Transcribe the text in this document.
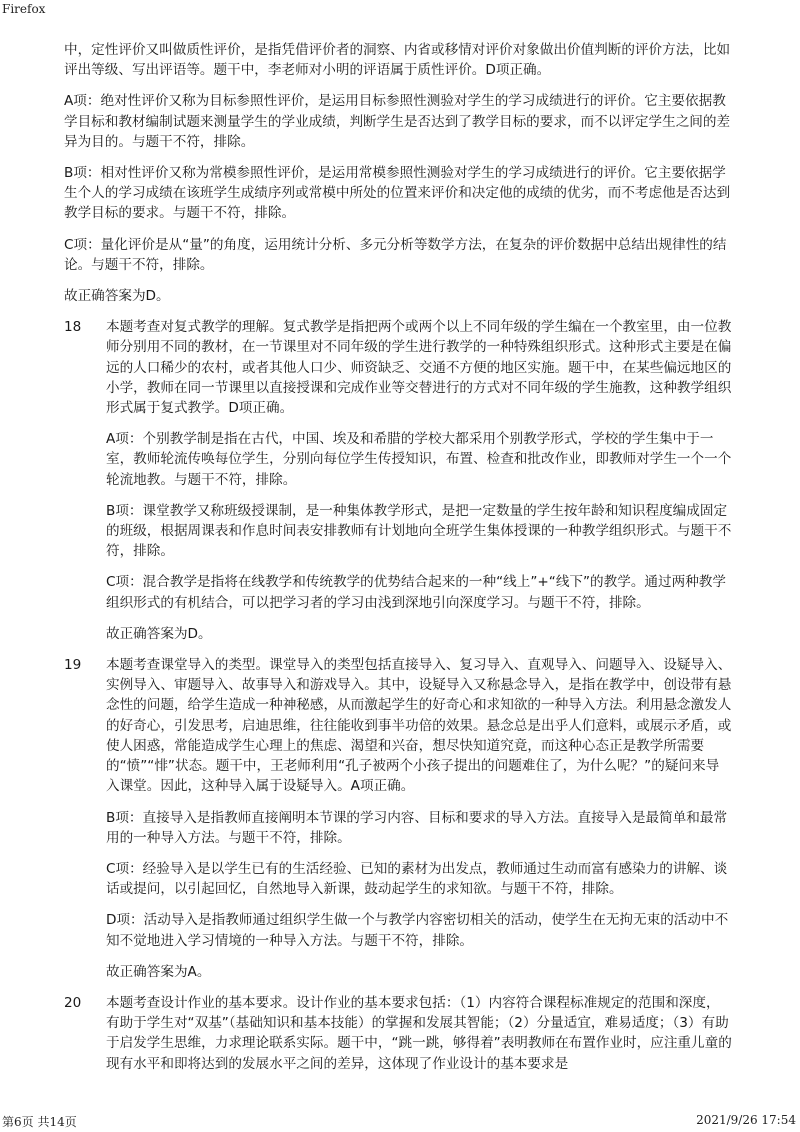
Firefox

中，定性评价又叫做质性评价，是指凭借评价者的洞察、内省或移情对评价对象做出价值判断的评价方法，比如评出等级、写出评语等。题干中，李老师对小明的评语属于质性评价。D项正确。

A项：绝对性评价又称为目标参照性评价，是运用目标参照性测验对学生的学习成绩进行的评价。它主要依据教学目标和教材编制试题来测量学生的学业成绩，判断学生是否达到了教学目标的要求，而不以评定学生之间的差异为目的。与题干不符，排除。

B项：相对性评价又称为常模参照性评价，是运用常模参照性测验对学生的学习成绩进行的评价。它主要依据学生个人的学习成绩在该班学生成绩序列或常模中所处的位置来评价和决定他的成绩的优劣，而不考虑他是否达到教学目标的要求。与题干不符，排除。

C项：量化评价是从“量”的角度，运用统计分析、多元分析等数学方法，在复杂的评价数据中总结出规律性的结论。与题干不符，排除。

故正确答案为D。

18 本题考查对复式教学的理解。复式教学是指把两个或两个以上不同年级的学生编在一个教室里，由一位教师分别用不同的教材，在一节课里对不同年级的学生进行教学的一种特殊组织形式。这种形式主要是在偏远的人口稀少的农村，或者其他人口少、师资缺乏、交通不方便的地区实施。题干中，在某些偏远地区的小学，教师在同一节课里以直接授课和完成作业等交替进行的方式对不同年级的学生施教，这种教学组织形式属于复式教学。D项正确。

A项：个别教学制是指在古代，中国、埃及和希腊的学校大都采用个别教学形式，学校的学生集中于一室，教师轮流传唤每位学生，分别向每位学生传授知识，布置、检查和批改作业，即教师对学生一个一个轮流地教。与题干不符，排除。

B项：课堂教学又称班级授课制，是一种集体教学形式，是把一定数量的学生按年龄和知识程度编成固定的班级，根据周课表和作息时间表安排教师有计划地向全班学生集体授课的一种教学组织形式。与题干不符，排除。

C项：混合教学是指将在线教学和传统教学的优势结合起来的一种“线上”+“线下”的教学。通过两种教学组织形式的有机结合，可以把学习者的学习由浅到深地引向深度学习。与题干不符，排除。

故正确答案为D。

19 本题考查课堂导入的类型。课堂导入的类型包括直接导入、复习导入、直观导入、问题导入、设疑导入、实例导入、审题导入、故事导入和游戏导入。其中，设疑导入又称悬念导入，是指在教学中，创设带有悬念性的问题，给学生造成一种神秘感，从而激起学生的好奇心和求知欲的一种导入方法。利用悬念激发人的好奇心，引发思考，启迪思维，往往能收到事半功倍的效果。悬念总是出乎人们意料，或展示矛盾，或使人困惑，常能造成学生心理上的焦虑、渴望和兴奋，想尽快知道究竟，而这种心态正是教学所需要的“愤”“悱”状态。题干中，王老师利用“孔子被两个小孩子提出的问题难住了，为什么呢？”的疑问来导入课堂。因此，这种导入属于设疑导入。A项正确。

B项：直接导入是指教师直接阐明本节课的学习内容、目标和要求的导入方法。直接导入是最简单和最常用的一种导入方法。与题干不符，排除。

C项：经验导入是以学生已有的生活经验、已知的素材为出发点，教师通过生动而富有感染力的讲解、谈话或提问，以引起回忆，自然地导入新课，鼓动起学生的求知欲。与题干不符，排除。

D项：活动导入是指教师通过组织学生做一个与教学内容密切相关的活动，使学生在无拘无束的活动中不知不觉地进入学习情境的一种导入方法。与题干不符，排除。

故正确答案为A。

20 本题考查设计作业的基本要求。设计作业的基本要求包括：（1）内容符合课程标准规定的范围和深度，有助于学生对“双基”（基础知识和基本技能）的掌握和发展其智能；（2）分量适宜，难易适度；（3）有助于启发学生思维，力求理论联系实际。题干中，“跳一跳，够得着”表明教师在布置作业时，应注重儿童的现有水平和即将达到的发展水平之间的差异，这体现了作业设计的基本要求是

第6页 共14页	2021/9/26 17:54
